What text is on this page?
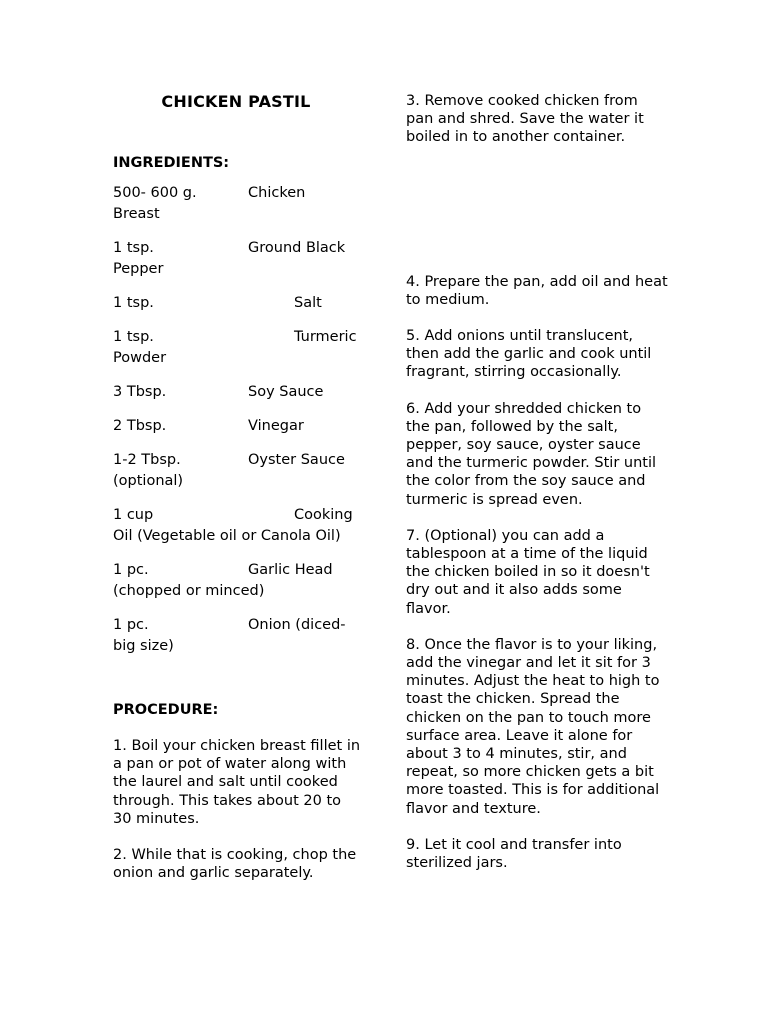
CHICKEN PASTIL
INGREDIENTS:
500- 600 g.	Chicken
Breast
1 tsp.	Ground Black
Pepper
1 tsp.	Salt
1 tsp.	Turmeric
Powder
3 Tbsp.	Soy Sauce
2 Tbsp.	Vinegar
1-2 Tbsp.	Oyster Sauce
(optional)
1 cup	Cooking
Oil (Vegetable oil or Canola Oil)
1 pc.	Garlic Head
(chopped or minced)
1 pc.	Onion (diced-
big size)
PROCEDURE:
1. Boil your chicken breast fillet in a pan or pot of water along with the laurel and salt until cooked through. This takes about 20 to 30 minutes.
2. While that is cooking, chop the onion and garlic separately.
3. Remove cooked chicken from pan and shred. Save the water it boiled in to another container.
4. Prepare the pan, add oil and heat to medium.
5. Add onions until translucent, then add the garlic and cook until fragrant, stirring occasionally.
6. Add your shredded chicken to the pan, followed by the salt, pepper, soy sauce, oyster sauce and the turmeric powder. Stir until the color from the soy sauce and turmeric is spread even.
7. (Optional) you can add a tablespoon at a time of the liquid the chicken boiled in so it doesn't dry out and it also adds some flavor.
8. Once the flavor is to your liking, add the vinegar and let it sit for 3 minutes. Adjust the heat to high to toast the chicken. Spread the chicken on the pan to touch more surface area. Leave it alone for about 3 to 4 minutes, stir, and repeat, so more chicken gets a bit more toasted. This is for additional flavor and texture.
9. Let it cool and transfer into sterilized jars.
